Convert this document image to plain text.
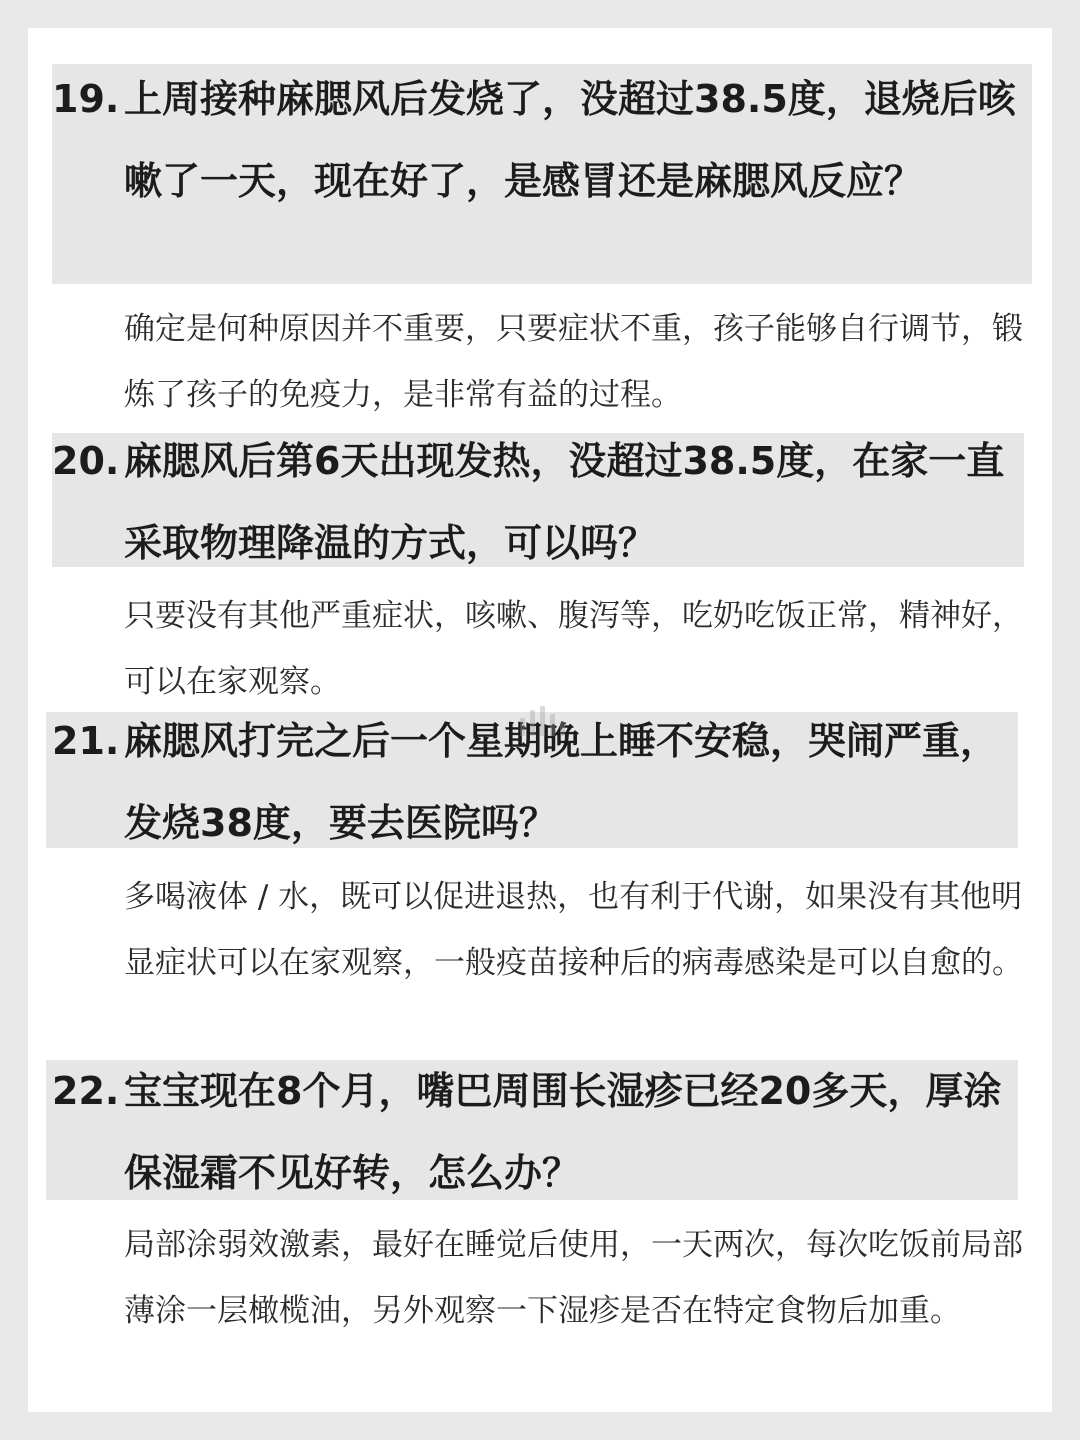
19. 上周接种麻腮风后发烧了，没超过38.5度，退烧后咳嗽了一天，现在好了，是感冒还是麻腮风反应？

确定是何种原因并不重要，只要症状不重，孩子能够自行调节，锻炼了孩子的免疫力，是非常有益的过程。

20. 麻腮风后第6天出现发热，没超过38.5度，在家一直采取物理降温的方式，可以吗？

只要没有其他严重症状，咳嗽、腹泻等，吃奶吃饭正常，精神好，可以在家观察。

21. 麻腮风打完之后一个星期晚上睡不安稳，哭闹严重，发烧38度，要去医院吗？

多喝液体 / 水，既可以促进退热，也有利于代谢，如果没有其他明显症状可以在家观察，一般疫苗接种后的病毒感染是可以自愈的。

22. 宝宝现在8个月，嘴巴周围长湿疹已经20多天，厚涂保湿霜不见好转，怎么办？

局部涂弱效激素，最好在睡觉后使用，一天两次，每次吃饭前局部薄涂一层橄榄油，另外观察一下湿疹是否在特定食物后加重。
